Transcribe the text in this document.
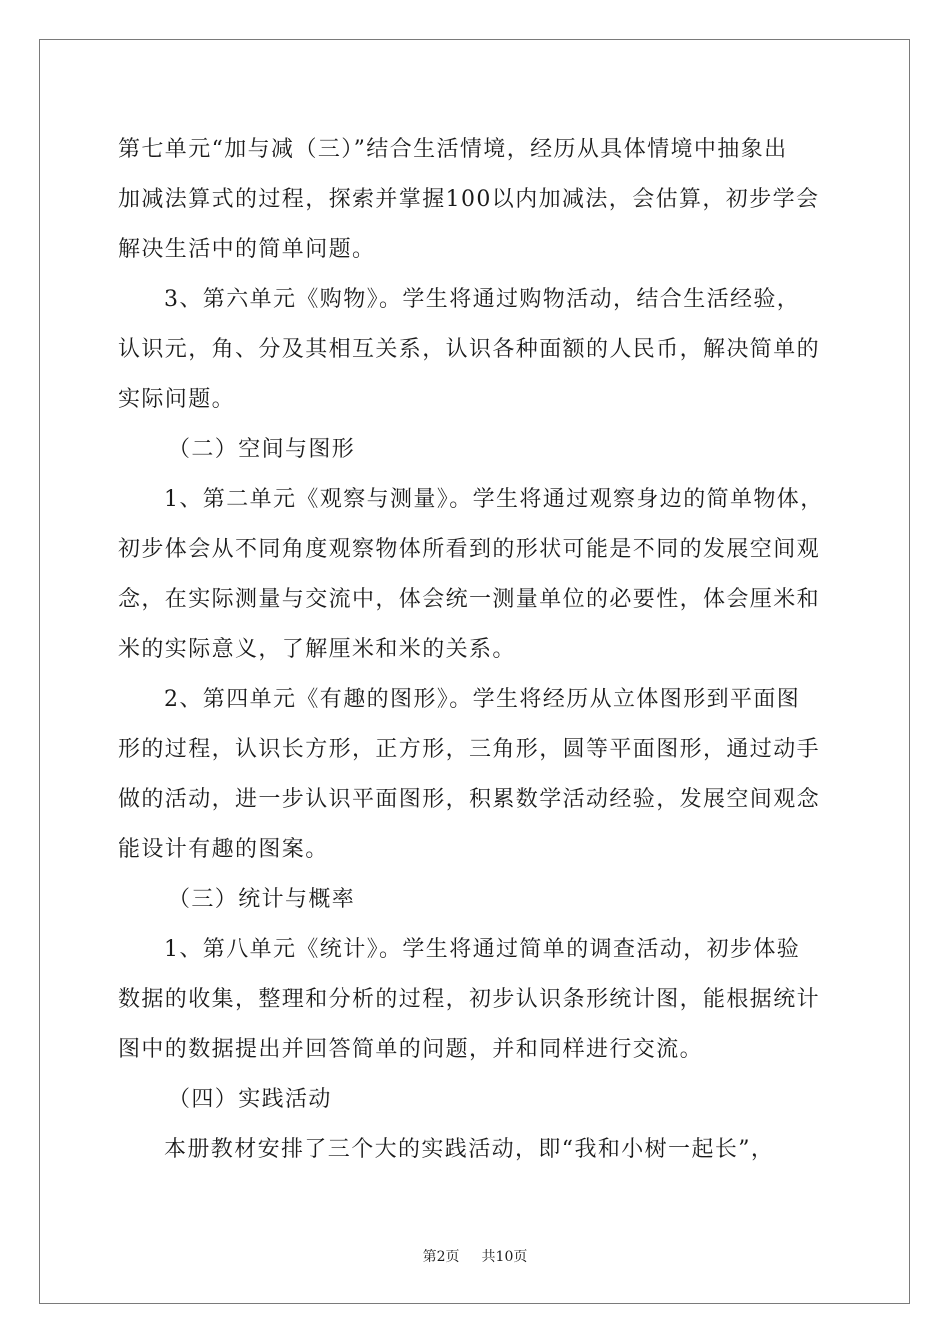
第七单元“加与减（三）”结合生活情境，经历从具体情境中抽象出
加减法算式的过程，探索并掌握100以内加减法，会估算，初步学会
解决生活中的简单问题。
3、第六单元《购物》。学生将通过购物活动，结合生活经验，
认识元，角、分及其相互关系，认识各种面额的人民币，解决简单的
实际问题。
（二）空间与图形
1、第二单元《观察与测量》。学生将通过观察身边的简单物体，
初步体会从不同角度观察物体所看到的形状可能是不同的发展空间观
念，在实际测量与交流中，体会统一测量单位的必要性，体会厘米和
米的实际意义，了解厘米和米的关系。
2、第四单元《有趣的图形》。学生将经历从立体图形到平面图
形的过程，认识长方形，正方形，三角形，圆等平面图形，通过动手
做的活动，进一步认识平面图形，积累数学活动经验，发展空间观念
能设计有趣的图案。
（三）统计与概率
1、第八单元《统计》。学生将通过简单的调查活动，初步体验
数据的收集，整理和分析的过程，初步认识条形统计图，能根据统计
图中的数据提出并回答简单的问题，并和同样进行交流。
（四）实践活动
本册教材安排了三个大的实践活动，即“我和小树一起长”，
第2页 共10页
